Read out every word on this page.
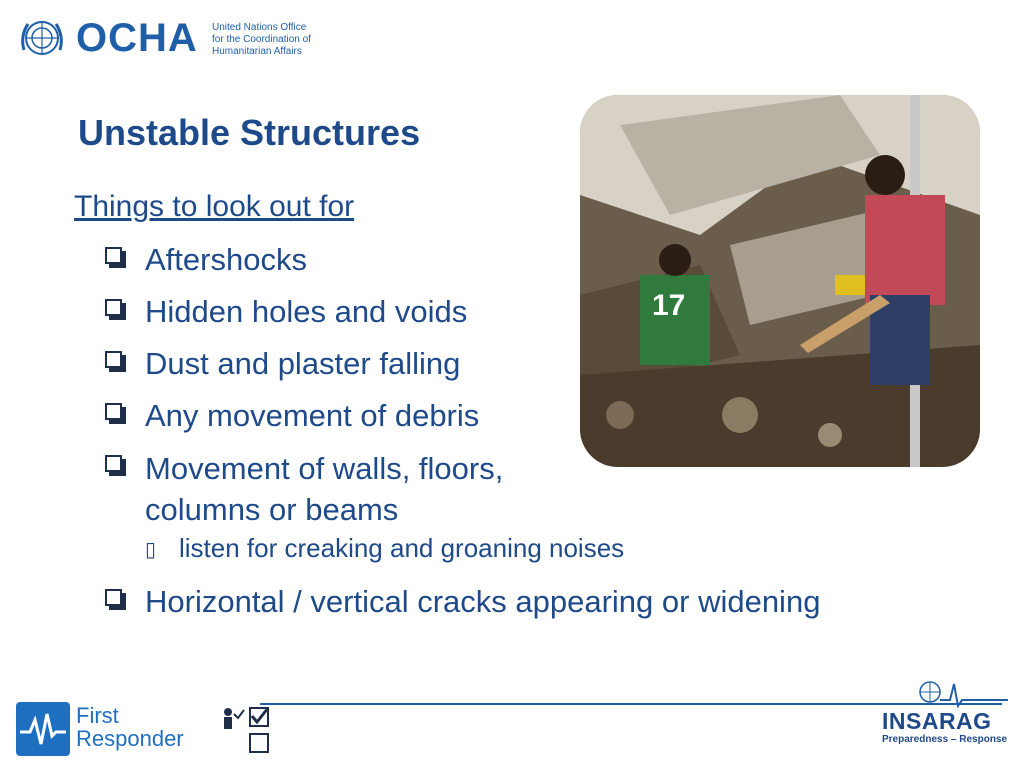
OCHA United Nations Office
for the Coordination of
Humanitarian Affairs
Unstable Structures
17
Things to look out for
Aftershocks
Hidden holes and voids
Dust and plaster falling
Any movement of debris
Movement of walls, floors,
columns or beams
▯ listen for creaking and groaning noises
Horizontal / vertical cracks appearing or widening
First
Responder
INSARAG
Preparedness – Response
